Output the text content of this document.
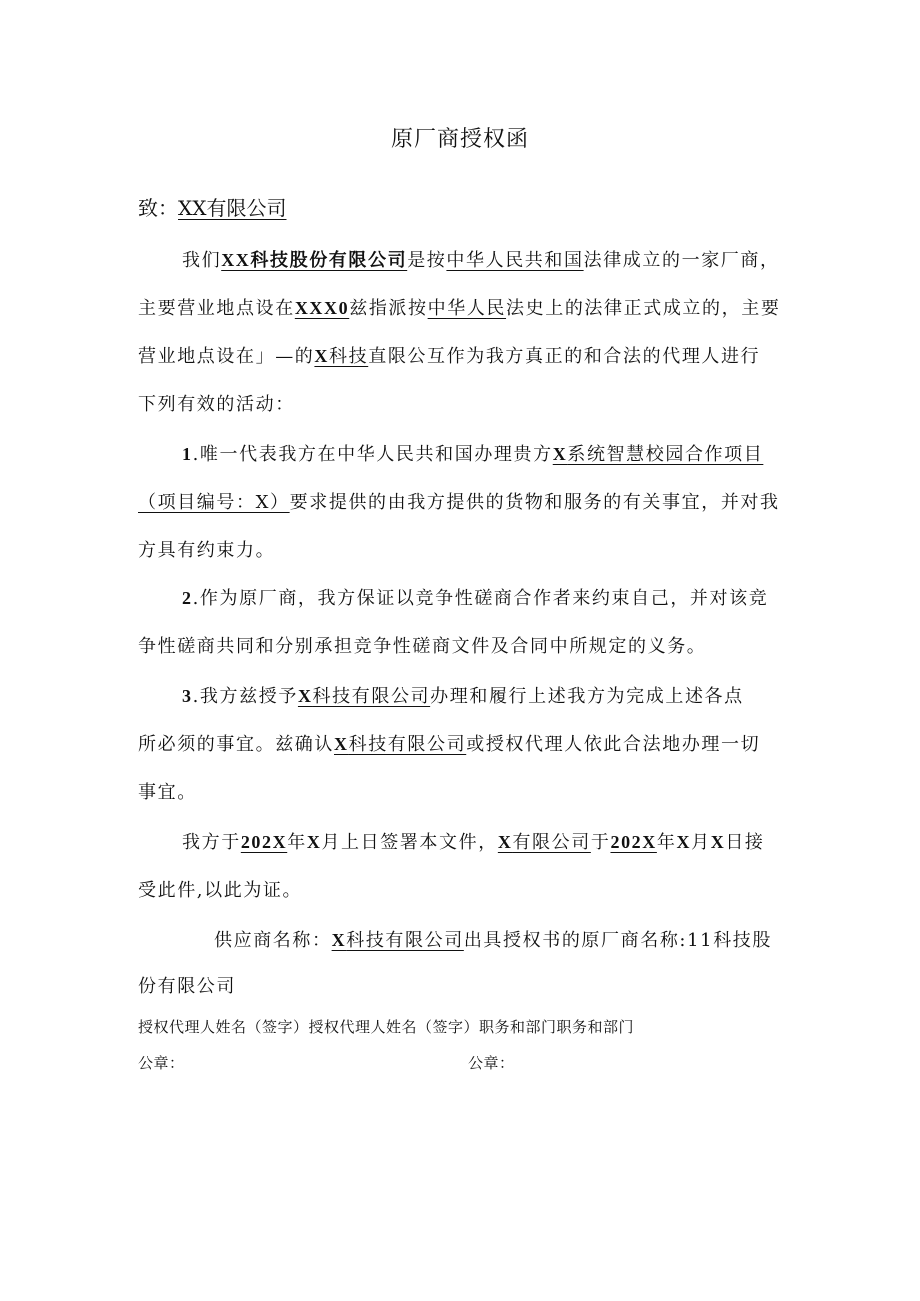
原厂商授权函
致：XX有限公司
我们XX科技股份有限公司是按中华人民共和国法律成立的一家厂商，
主要营业地点设在XXX0兹指派按中华人民法史上的法律正式成立的，主要
营业地点设在」—的X科技直限公互作为我方真正的和合法的代理人进行
下列有效的活动：
1.唯一代表我方在中华人民共和国办理贵方X系统智慧校园合作项目
（项目编号：X）要求提供的由我方提供的货物和服务的有关事宜，并对我
方具有约束力。
2.作为原厂商，我方保证以竞争性磋商合作者来约束自己，并对该竞
争性磋商共同和分别承担竞争性磋商文件及合同中所规定的义务。
3.我方兹授予X科技有限公司办理和履行上述我方为完成上述各点
所必须的事宜。兹确认X科技有限公司或授权代理人依此合法地办理一切
事宜。
我方于202X年X月上日签署本文件，X有限公司于202X年X月X日接
受此件,以此为证。
供应商名称：X科技有限公司出具授权书的原厂商名称:11科技股
份有限公司
授权代理人姓名（签字）授权代理人姓名（签字）职务和部门职务和部门
公章：	公章：
